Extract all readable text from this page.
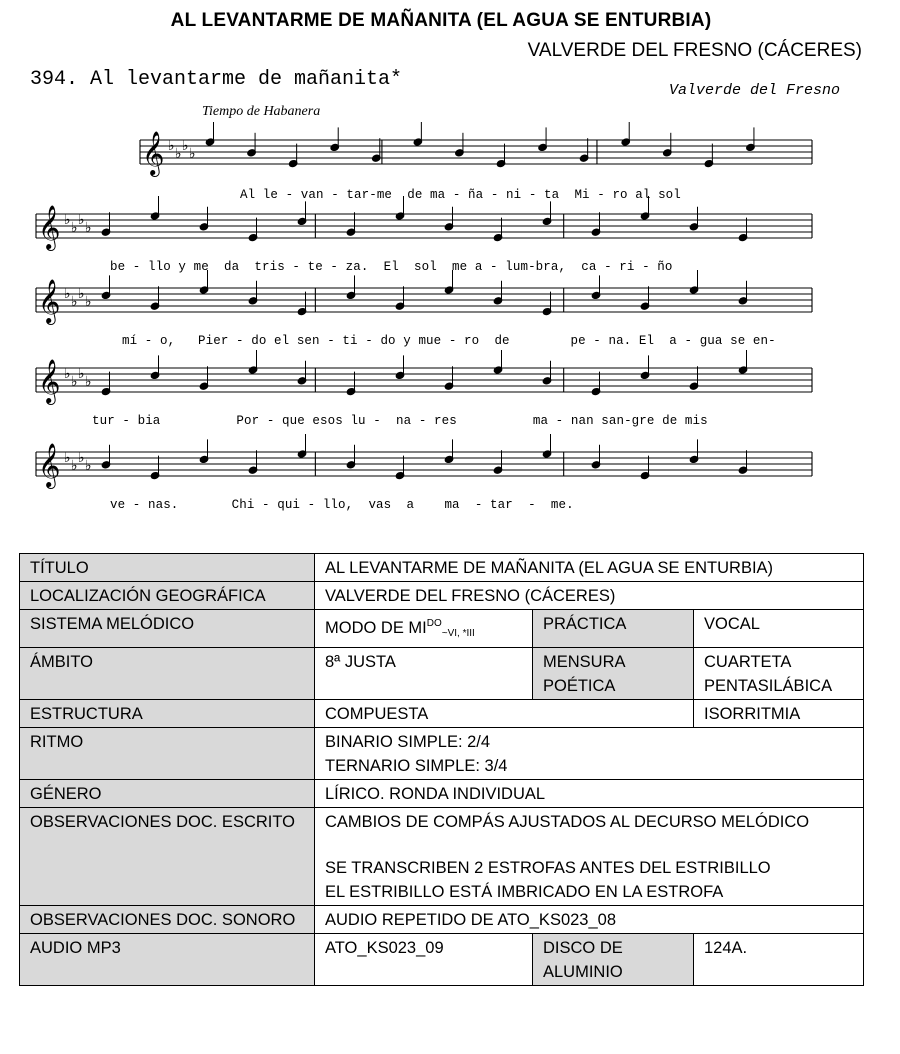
AL LEVANTARME DE MAÑANITA (EL AGUA SE ENTURBIA)
VALVERDE DEL FRESNO (CÁCERES)
394. Al levantarme de mañanita*	Valverde del Fresno
Tiempo de Habanera
𝄞 ♭ ♭ ♭ ♭
𝄞 ♭ ♭ ♭ ♭
𝄞 ♭ ♭ ♭ ♭
𝄞 ♭ ♭ ♭ ♭
𝄞 ♭ ♭ ♭ ♭
Al le - van - tar-me  de ma - ña - ni - ta  Mi - ro al sol
be - llo y me  da  tris - te - za.  El  sol  me a - lum-bra,  ca - ri - ño
mí - o,   Pier - do el sen - ti - do y mue - ro  de        pe - na. El  a - gua se en-
tur - bia          Por - que esos lu -  na - res          ma - nan san-gre de mis
ve - nas.       Chi - qui - llo,  vas  a    ma  - tar  -  me.
TÍTULO	AL LEVANTARME DE MAÑANITA (EL AGUA SE ENTURBIA)		
LOCALIZACIÓN GEOGRÁFICA	VALVERDE DEL FRESNO (CÁCERES)		
SISTEMA MELÓDICO	MODO DE $MI^{DO}_{\sim VI, *III}$	PRÁCTICA	VOCAL
ÁMBITO	8ª JUSTA	MENSURA POÉTICA	CUARTETA PENTASILÁBICA
ESTRUCTURA	COMPUESTA		ISORRITMIA
RITMO	BINARIO SIMPLE: 2/4
TERNARIO SIMPLE: 3/4		

GÉNERO	LÍRICO. RONDA INDIVIDUAL		
OBSERVACIONES DOC. ESCRITO	CAMBIOS DE COMPÁS AJUSTADOS AL DECURSO MELÓDICO
SE TRANSCRIBEN 2 ESTROFAS ANTES DEL ESTRIBILLO
EL ESTRIBILLO ESTÁ IMBRICADO EN LA ESTROFA		

OBSERVACIONES DOC. SONORO	AUDIO REPETIDO DE ATO_KS023_08		
AUDIO MP3	ATO_KS023_09	DISCO DE ALUMINIO	124A.
